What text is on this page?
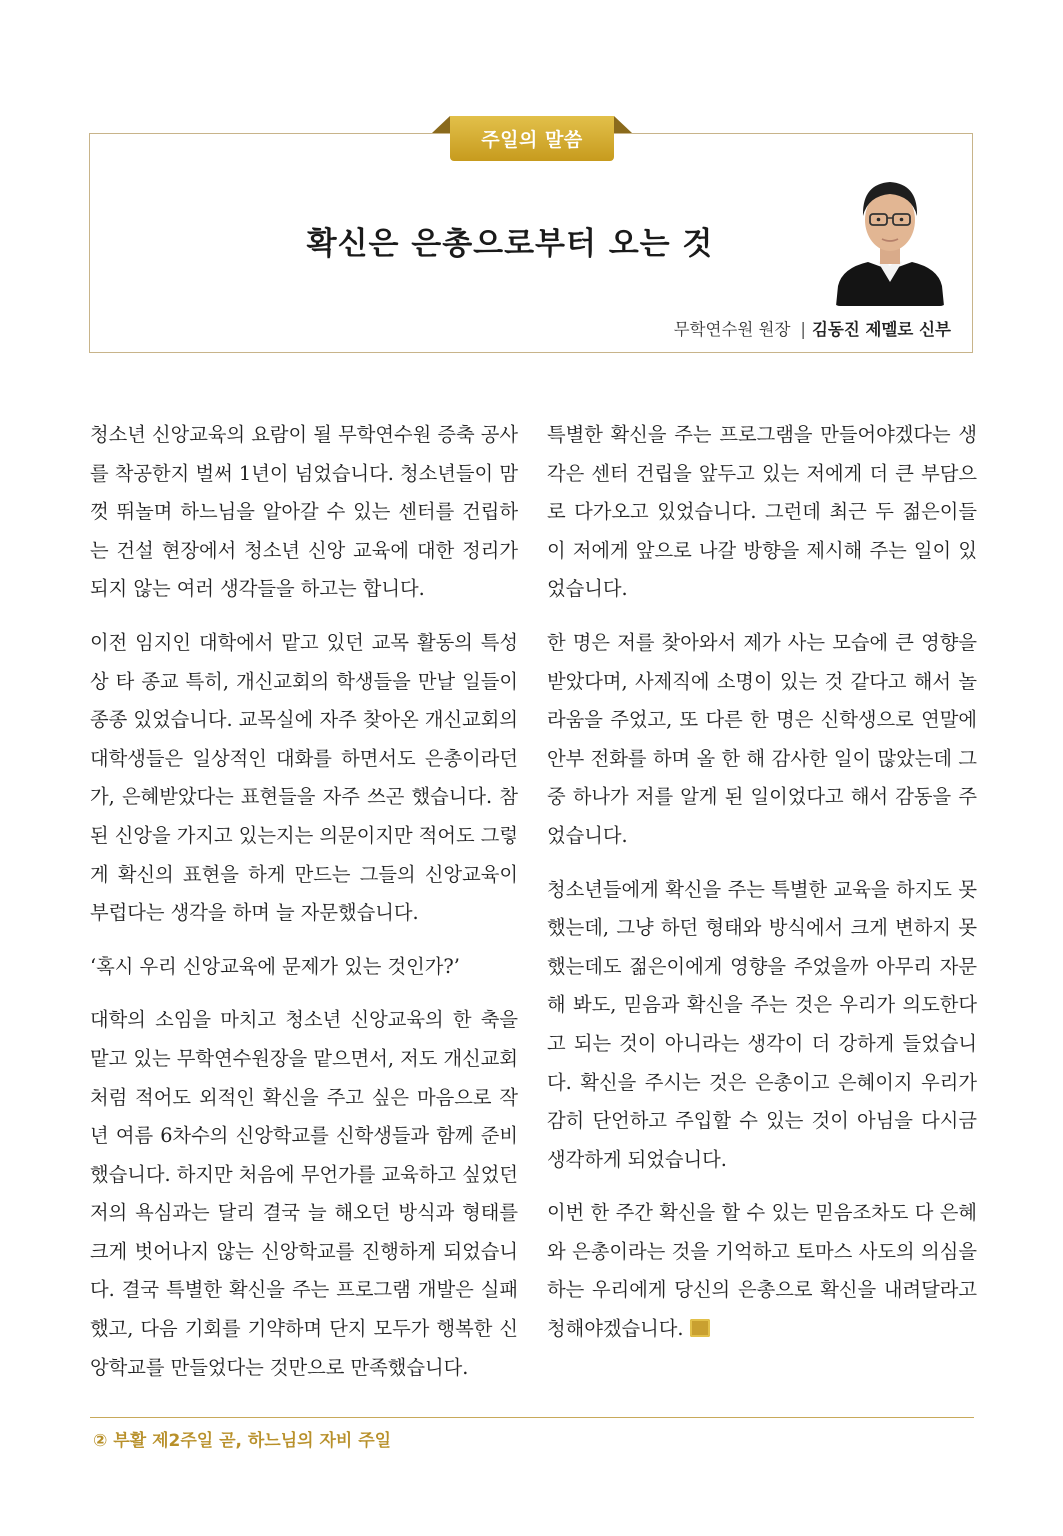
주일의 말씀
확신은 은총으로부터 오는 것
무학연수원 원장 | 김동진 제멜로 신부

청소년 신앙교육의 요람이 될 무학연수원 증축 공사를 착공한지 벌써 1년이 넘었습니다. 청소년들이 맘껏 뛰놀며 하느님을 알아갈 수 있는 센터를 건립하는 건설 현장에서 청소년 신앙 교육에 대한 정리가 되지 않는 여러 생각들을 하고는 합니다.

이전 임지인 대학에서 맡고 있던 교목 활동의 특성상 타 종교 특히, 개신교회의 학생들을 만날 일들이 종종 있었습니다. 교목실에 자주 찾아온 개신교회의 대학생들은 일상적인 대화를 하면서도 은총이라던가, 은혜받았다는 표현들을 자주 쓰곤 했습니다. 참된 신앙을 가지고 있는지는 의문이지만 적어도 그렇게 확신의 표현을 하게 만드는 그들의 신앙교육이 부럽다는 생각을 하며 늘 자문했습니다.

‘혹시 우리 신앙교육에 문제가 있는 것인가?’

대학의 소임을 마치고 청소년 신앙교육의 한 축을 맡고 있는 무학연수원장을 맡으면서, 저도 개신교회처럼 적어도 외적인 확신을 주고 싶은 마음으로 작년 여름 6차수의 신앙학교를 신학생들과 함께 준비했습니다. 하지만 처음에 무언가를 교육하고 싶었던 저의 욕심과는 달리 결국 늘 해오던 방식과 형태를 크게 벗어나지 않는 신앙학교를 진행하게 되었습니다. 결국 특별한 확신을 주는 프로그램 개발은 실패했고, 다음 기회를 기약하며 단지 모두가 행복한 신앙학교를 만들었다는 것만으로 만족했습니다.

특별한 확신을 주는 프로그램을 만들어야겠다는 생각은 센터 건립을 앞두고 있는 저에게 더 큰 부담으로 다가오고 있었습니다. 그런데 최근 두 젊은이들이 저에게 앞으로 나갈 방향을 제시해 주는 일이 있었습니다.

한 명은 저를 찾아와서 제가 사는 모습에 큰 영향을 받았다며, 사제직에 소명이 있는 것 같다고 해서 놀라움을 주었고, 또 다른 한 명은 신학생으로 연말에 안부 전화를 하며 올 한 해 감사한 일이 많았는데 그중 하나가 저를 알게 된 일이었다고 해서 감동을 주었습니다.

청소년들에게 확신을 주는 특별한 교육을 하지도 못했는데, 그냥 하던 형태와 방식에서 크게 변하지 못했는데도 젊은이에게 영향을 주었을까 아무리 자문해 봐도, 믿음과 확신을 주는 것은 우리가 의도한다고 되는 것이 아니라는 생각이 더 강하게 들었습니다. 확신을 주시는 것은 은총이고 은혜이지 우리가 감히 단언하고 주입할 수 있는 것이 아님을 다시금 생각하게 되었습니다.

이번 한 주간 확신을 할 수 있는 믿음조차도 다 은혜와 은총이라는 것을 기억하고 토마스 사도의 의심을 하는 우리에게 당신의 은총으로 확신을 내려달라고 청해야겠습니다.

② 부활 제2주일 곧, 하느님의 자비 주일
